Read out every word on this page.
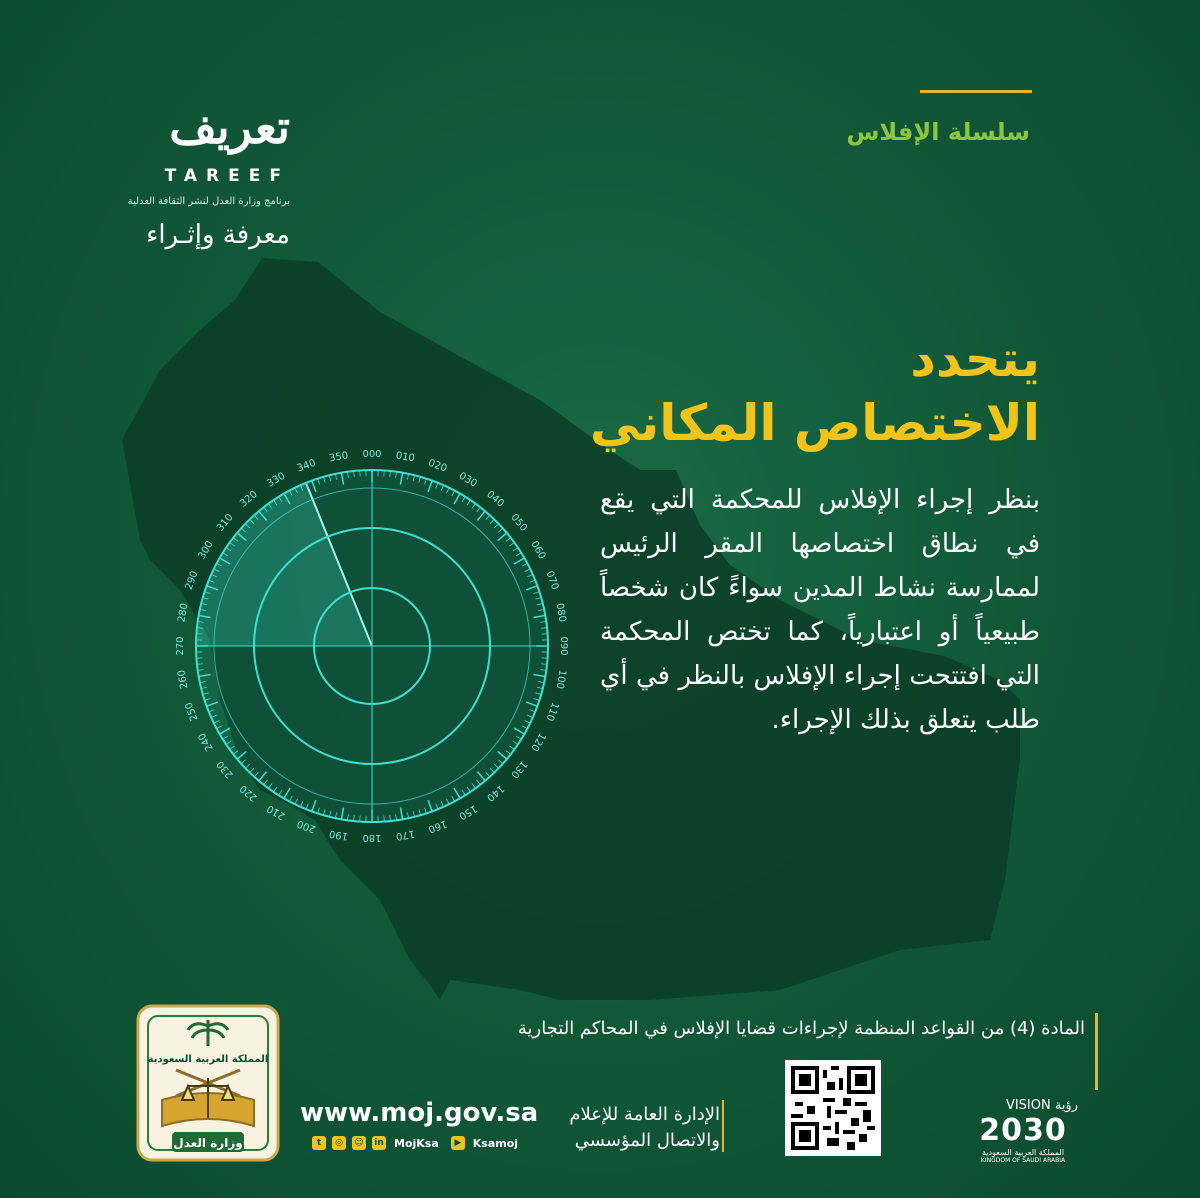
000 010
020
030
040
050
060
070
080
090
100
110
120
130
140
150
160
170
180
190
200
210
220
230
240
250
260
270
280
290
300
310
320
330
340
350
سلسلة الإفلاس
تعريف
TAREEF
برنامج وزارة العدل لنشر الثقافة العدلية
معرفة وإثـراء
يتحدد
الاختصاص المكاني
بنظر إجراء الإفلاس للمحكمة التي يقع في نطاق اختصاصها المقر الرئيس لممارسة نشاط المدين سواءً كان شخصاً طبيعياً أو اعتبارياً، كما تختص المحكمة التي افتتحت إجراء الإفلاس بالنظر في أي طلب يتعلق بذلك الإجراء.
المادة (4) من القواعد المنظمة لإجراءات قضايا الإفلاس في المحاكم التجارية
المملكة العربية السعودية
وزارة العدل
www.moj.gov.sa
t	◎	☺ in MojKsa	▶	Ksamoj
الإدارة العامة للإعلام
والاتصال المؤسسي
VISION رؤية
2030
المملكة العربية السعودية
KINGDOM OF SAUDI ARABIA
